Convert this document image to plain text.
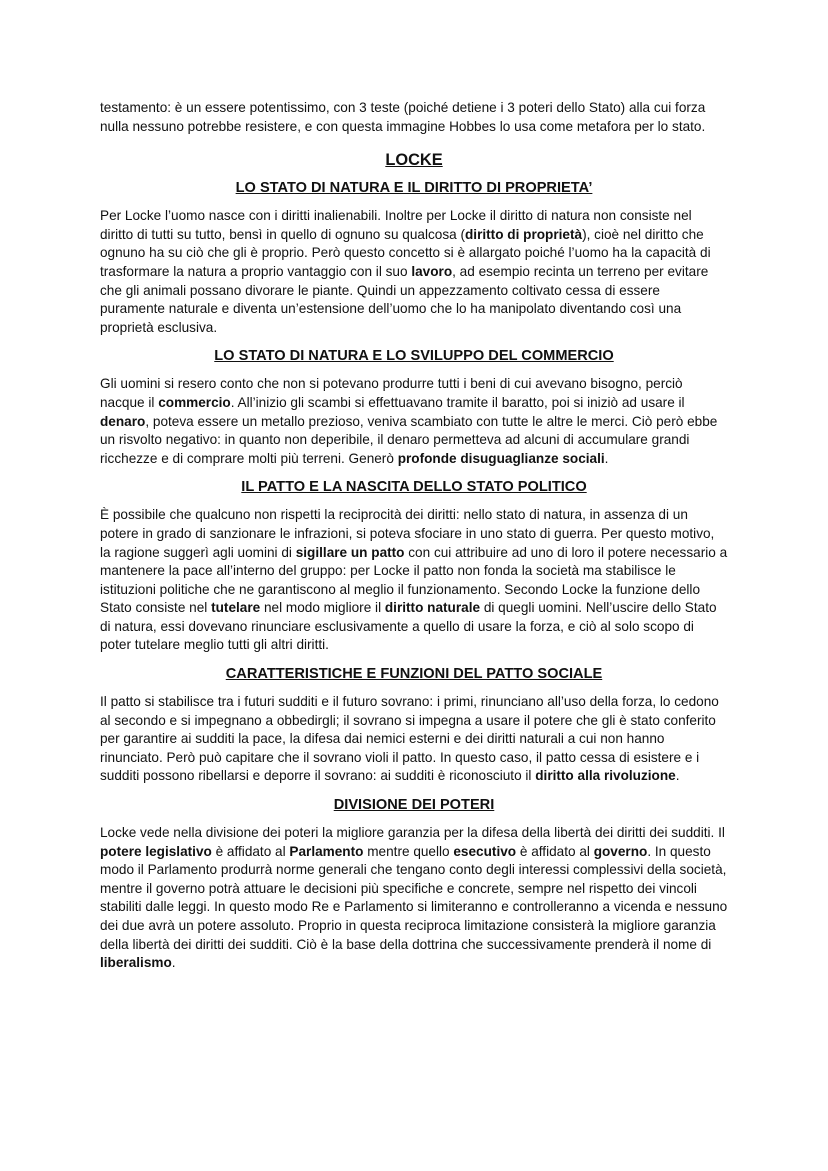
testamento: è un essere potentissimo, con 3 teste (poiché detiene i 3 poteri dello Stato) alla cui forza nulla nessuno potrebbe resistere, e con questa immagine Hobbes lo usa come metafora per lo stato.

LOCKE
LO STATO DI NATURA E IL DIRITTO DI PROPRIETA’

Per Locke l’uomo nasce con i diritti inalienabili. Inoltre per Locke il diritto di natura non consiste nel diritto di tutti su tutto, bensì in quello di ognuno su qualcosa (diritto di proprietà), cioè nel diritto che ognuno ha su ciò che gli è proprio. Però questo concetto si è allargato poiché l’uomo ha la capacità di trasformare la natura a proprio vantaggio con il suo lavoro, ad esempio recinta un terreno per evitare che gli animali possano divorare le piante. Quindi un appezzamento coltivato cessa di essere puramente naturale e diventa un’estensione dell’uomo che lo ha manipolato diventando così una proprietà esclusiva.

LO STATO DI NATURA E LO SVILUPPO DEL COMMERCIO

Gli uomini si resero conto che non si potevano produrre tutti i beni di cui avevano bisogno, perciò nacque il commercio. All’inizio gli scambi si effettuavano tramite il baratto, poi si iniziò ad usare il denaro, poteva essere un metallo prezioso, veniva scambiato con tutte le altre le merci. Ciò però ebbe un risvolto negativo: in quanto non deperibile, il denaro permetteva ad alcuni di accumulare grandi ricchezze e di comprare molti più terreni. Generò profonde disuguaglianze sociali.

IL PATTO E LA NASCITA DELLO STATO POLITICO

È possibile che qualcuno non rispetti la reciprocità dei diritti: nello stato di natura, in assenza di un potere in grado di sanzionare le infrazioni, si poteva sfociare in uno stato di guerra. Per questo motivo, la ragione suggerì agli uomini di sigillare un patto con cui attribuire ad uno di loro il potere necessario a mantenere la pace all’interno del gruppo: per Locke il patto non fonda la società ma stabilisce le istituzioni politiche che ne garantiscono al meglio il funzionamento. Secondo Locke la funzione dello Stato consiste nel tutelare nel modo migliore il diritto naturale di quegli uomini. Nell’uscire dello Stato di natura, essi dovevano rinunciare esclusivamente a quello di usare la forza, e ciò al solo scopo di poter tutelare meglio tutti gli altri diritti.

CARATTERISTICHE E FUNZIONI DEL PATTO SOCIALE

Il patto si stabilisce tra i futuri sudditi e il futuro sovrano: i primi, rinunciano all’uso della forza, lo cedono al secondo e si impegnano a obbedirgli; il sovrano si impegna a usare il potere che gli è stato conferito per garantire ai sudditi la pace, la difesa dai nemici esterni e dei diritti naturali a cui non hanno rinunciato. Però può capitare che il sovrano violi il patto. In questo caso, il patto cessa di esistere e i sudditi possono ribellarsi e deporre il sovrano: ai sudditi è riconosciuto il diritto alla rivoluzione.

DIVISIONE DEI POTERI

Locke vede nella divisione dei poteri la migliore garanzia per la difesa della libertà dei diritti dei sudditi. Il potere legislativo è affidato al Parlamento mentre quello esecutivo è affidato al governo. In questo modo il Parlamento produrrà norme generali che tengano conto degli interessi complessivi della società, mentre il governo potrà attuare le decisioni più specifiche e concrete, sempre nel rispetto dei vincoli stabiliti dalle leggi. In questo modo Re e Parlamento si limiteranno e controlleranno a vicenda e nessuno dei due avrà un potere assoluto. Proprio in questa reciproca limitazione consisterà la migliore garanzia della libertà dei diritti dei sudditi. Ciò è la base della dottrina che successivamente prenderà il nome di liberalismo.
